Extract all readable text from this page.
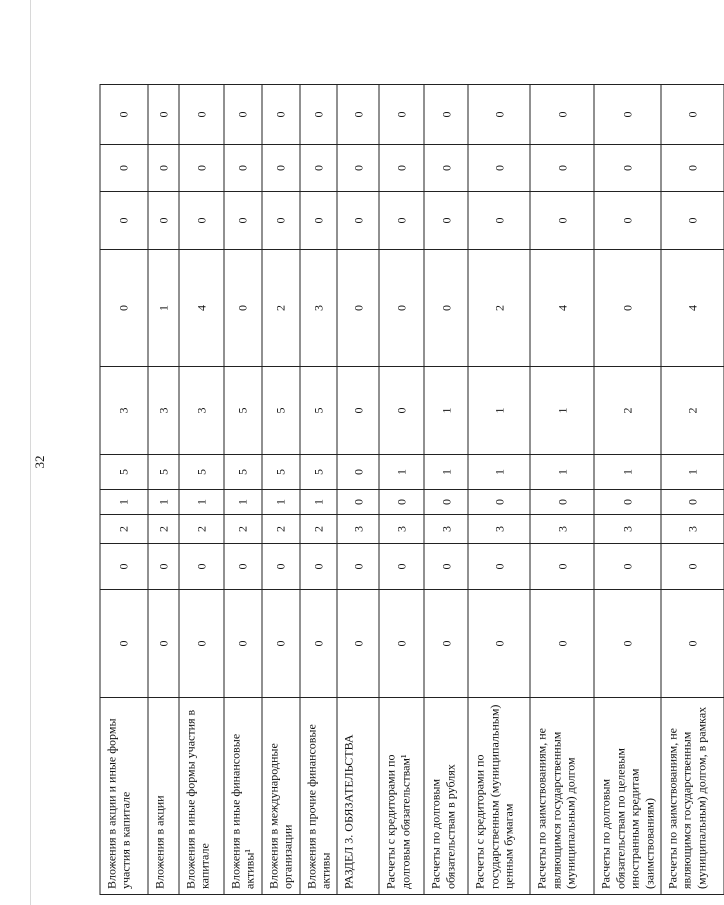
32
Вложения в акции и иные формы участия в капитале	0	0	2	1	5	3	0	0	0	0
Вложения в акции	0	0	2	1	5	3	1	0	0	0
Вложения в иные формы участия в капитале	0	0	2	1	5	3	4	0	0	0
Вложения в иные финансовые активы¹	0	0	2	1	5	5	0	0	0	0
Вложения в международные организации	0	0	2	1	5	5	2	0	0	0
Вложения в прочие финансовые активы	0	0	2	1	5	5	3	0	0	0
РАЗДЕЛ 3. ОБЯЗАТЕЛЬСТВА	0	0	3	0	0	0	0	0	0	0
Расчеты с кредиторами по долговым обязательствам¹	0	0	3	0	1	0	0	0	0	0
Расчеты по долговым обязательствам в рублях	0	0	3	0	1	1	0	0	0	0
Расчеты с кредиторами по государственным (муниципальным) ценным бумагам	0	0	3	0	1	1	2	0	0	0
Расчеты по заимствованиям, не являющимся государственным (муниципальным) долгом	0	0	3	0	1	1	4	0	0	0
Расчеты по долговым обязательствам по целевым иностранным кредитам (заимствованиям)	0	0	3	0	1	2	0	0	0	0
Расчеты по заимствованиям, не являющимся государственным (муниципальным) долгом, в рамках	0	0	3	0	1	2	4	0	0	0
